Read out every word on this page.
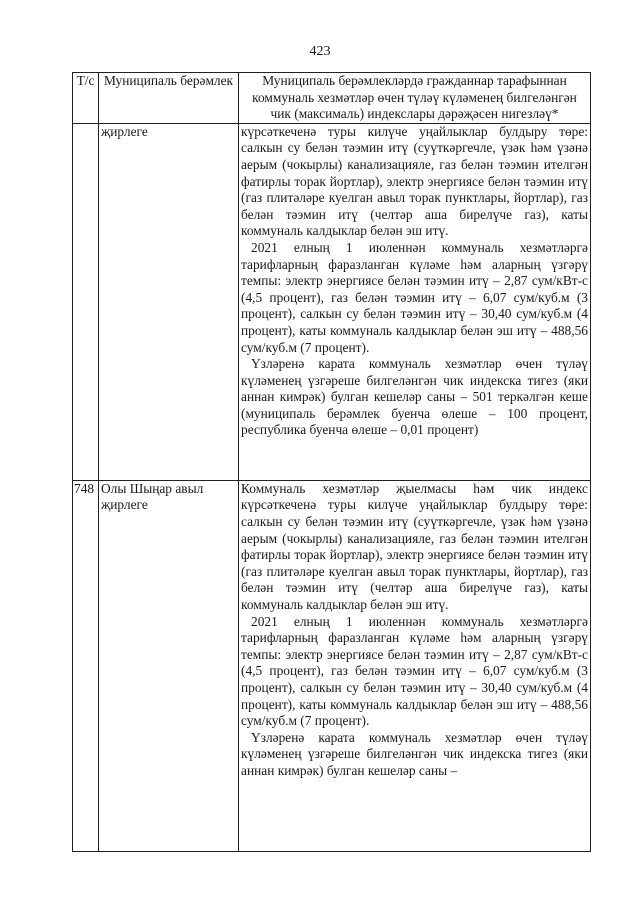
423
Т/с	Муниципаль берәмлек	Муниципаль берәмлекләрдә гражданнар тарафыннан коммуналь хезмәтләр өчен түләү күләменең билгеләнгән чик (максималь) индекслары дәрәҗәсен нигезләү*
	җирлеге	күрсәткеченә туры килүче уңайлыклар булдыру төре: салкын су белән тәэмин итү (суүткәргечле, үзәк һәм үзәнә аерым (чокырлы) канализацияле, газ белән тәэмин ителгән фатирлы торак йортлар), электр энергиясе белән тәэмин итү (газ плитәләре куелган авыл торак пунктлары, йортлар), газ белән тәэмин итү (челтәр аша бирелүче газ), каты коммуналь калдыклар белән эш итү.

2021 елның 1 июленнән коммуналь хезмәтләргә тарифларның фаразланган күләме һәм аларның үзгәрү темпы: электр энергиясе белән тәэмин итү – 2,87 сум/кВт-с (4,5 процент), газ белән тәэмин итү – 6,07 сум/куб.м (3 процент), салкын су белән тәэмин итү – 30,40 сум/куб.м (4 процент), каты коммуналь калдыклар белән эш итү – 488,56 сум/куб.м (7 процент).

Үзләренә карата коммуналь хезмәтләр өчен түләү күләменең үзгәреше билгеләнгән чик индекска тигез (яки аннан кимрәк) булган кешеләр саны – 501 теркәлгән кеше (муниципаль берәмлек буенча өлеше – 100 процент, республика буенча өлеше – 0,01 процент)

748	Олы Шыңар авыл җирлеге	Коммуналь хезмәтләр җыелмасы һәм чик индекс күрсәткеченә туры килүче уңайлыклар булдыру төре: салкын су белән тәэмин итү (суүткәргечле, үзәк һәм үзәнә аерым (чокырлы) канализацияле, газ белән тәэмин ителгән фатирлы торак йортлар), электр энергиясе белән тәэмин итү (газ плитәләре куелган авыл торак пунктлары, йортлар), газ белән тәэмин итү (челтәр аша бирелүче газ), каты коммуналь калдыклар белән эш итү.

2021 елның 1 июленнән коммуналь хезмәтләргә тарифларның фаразланган күләме һәм аларның үзгәрү темпы: электр энергиясе белән тәэмин итү – 2,87 сум/кВт-с (4,5 процент), газ белән тәэмин итү – 6,07 сум/куб.м (3 процент), салкын су белән тәэмин итү – 30,40 сум/куб.м (4 процент), каты коммуналь калдыклар белән эш итү – 488,56 сум/куб.м (7 процент).

Үзләренә карата коммуналь хезмәтләр өчен түләү күләменең үзгәреше билгеләнгән чик индекска тигез (яки аннан кимрәк) булган кешеләр саны –
